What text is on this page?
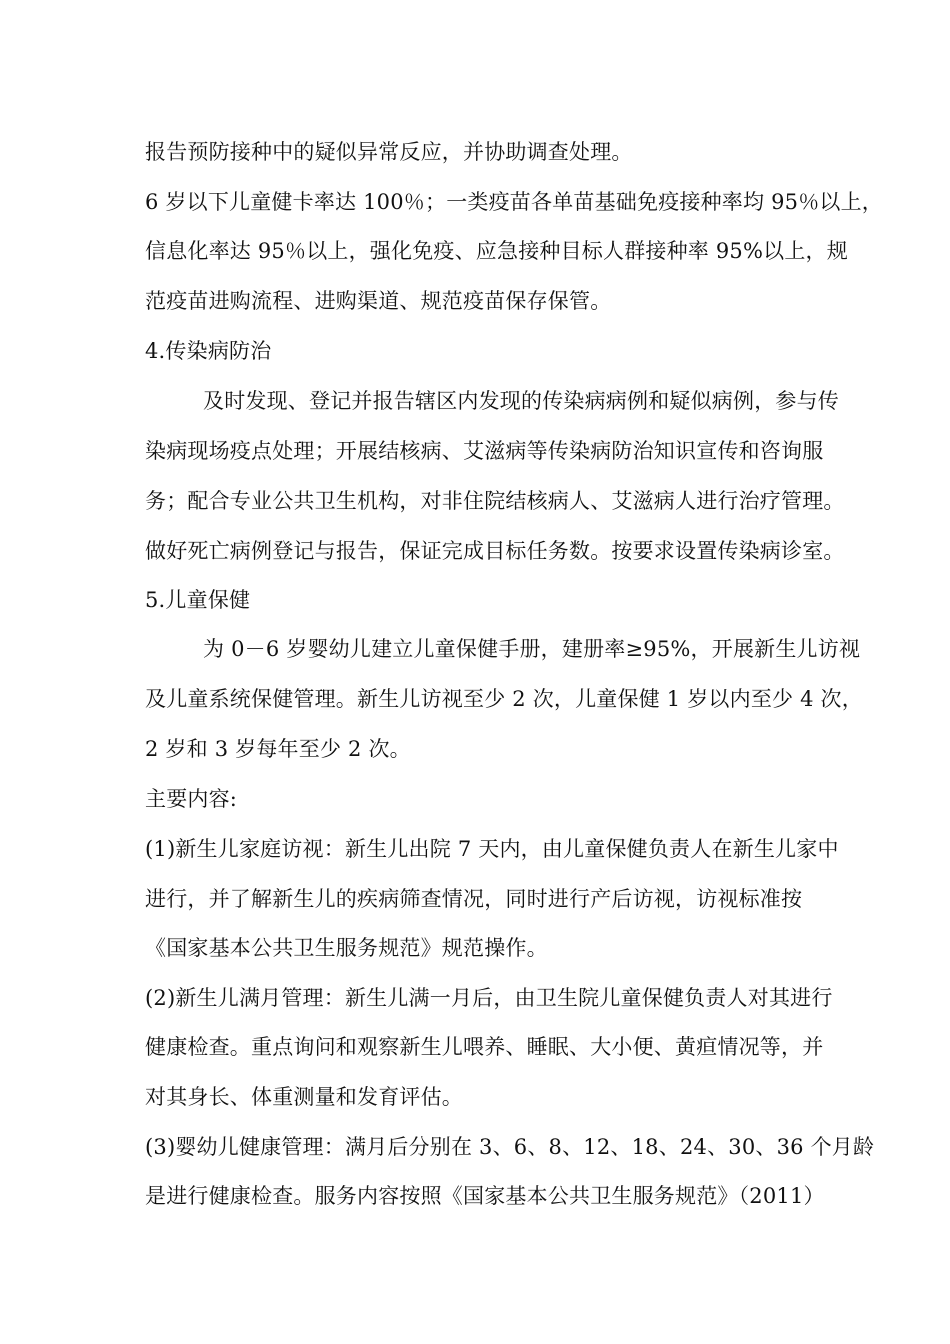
报告预防接种中的疑似异常反应，并协助调查处理。
6 岁以下儿童健卡率达 100％；一类疫苗各单苗基础免疫接种率均 95％以上，
信息化率达 95％以上，强化免疫、应急接种目标人群接种率 95%以上，规
范疫苗进购流程、进购渠道、规范疫苗保存保管。
4.传染病防治
及时发现、登记并报告辖区内发现的传染病病例和疑似病例，参与传
染病现场疫点处理；开展结核病、艾滋病等传染病防治知识宣传和咨询服
务；配合专业公共卫生机构，对非住院结核病人、艾滋病人进行治疗管理。
做好死亡病例登记与报告，保证完成目标任务数。按要求设置传染病诊室。
5.儿童保健
为 0－6 岁婴幼儿建立儿童保健手册，建册率≥95%，开展新生儿访视
及儿童系统保健管理。新生儿访视至少 2 次，儿童保健 1 岁以内至少 4 次，
2 岁和 3 岁每年至少 2 次。
主要内容:
(1)新生儿家庭访视：新生儿出院 7 天内，由儿童保健负责人在新生儿家中
进行，并了解新生儿的疾病筛查情况，同时进行产后访视，访视标准按
《国家基本公共卫生服务规范》规范操作。
(2)新生儿满月管理：新生儿满一月后，由卫生院儿童保健负责人对其进行
健康检查。重点询问和观察新生儿喂养、睡眠、大小便、黄疸情况等，并
对其身长、体重测量和发育评估。
(3)婴幼儿健康管理：满月后分别在 3、6、8、12、18、24、30、36 个月龄
是进行健康检查。服务内容按照《国家基本公共卫生服务规范》（2011）
